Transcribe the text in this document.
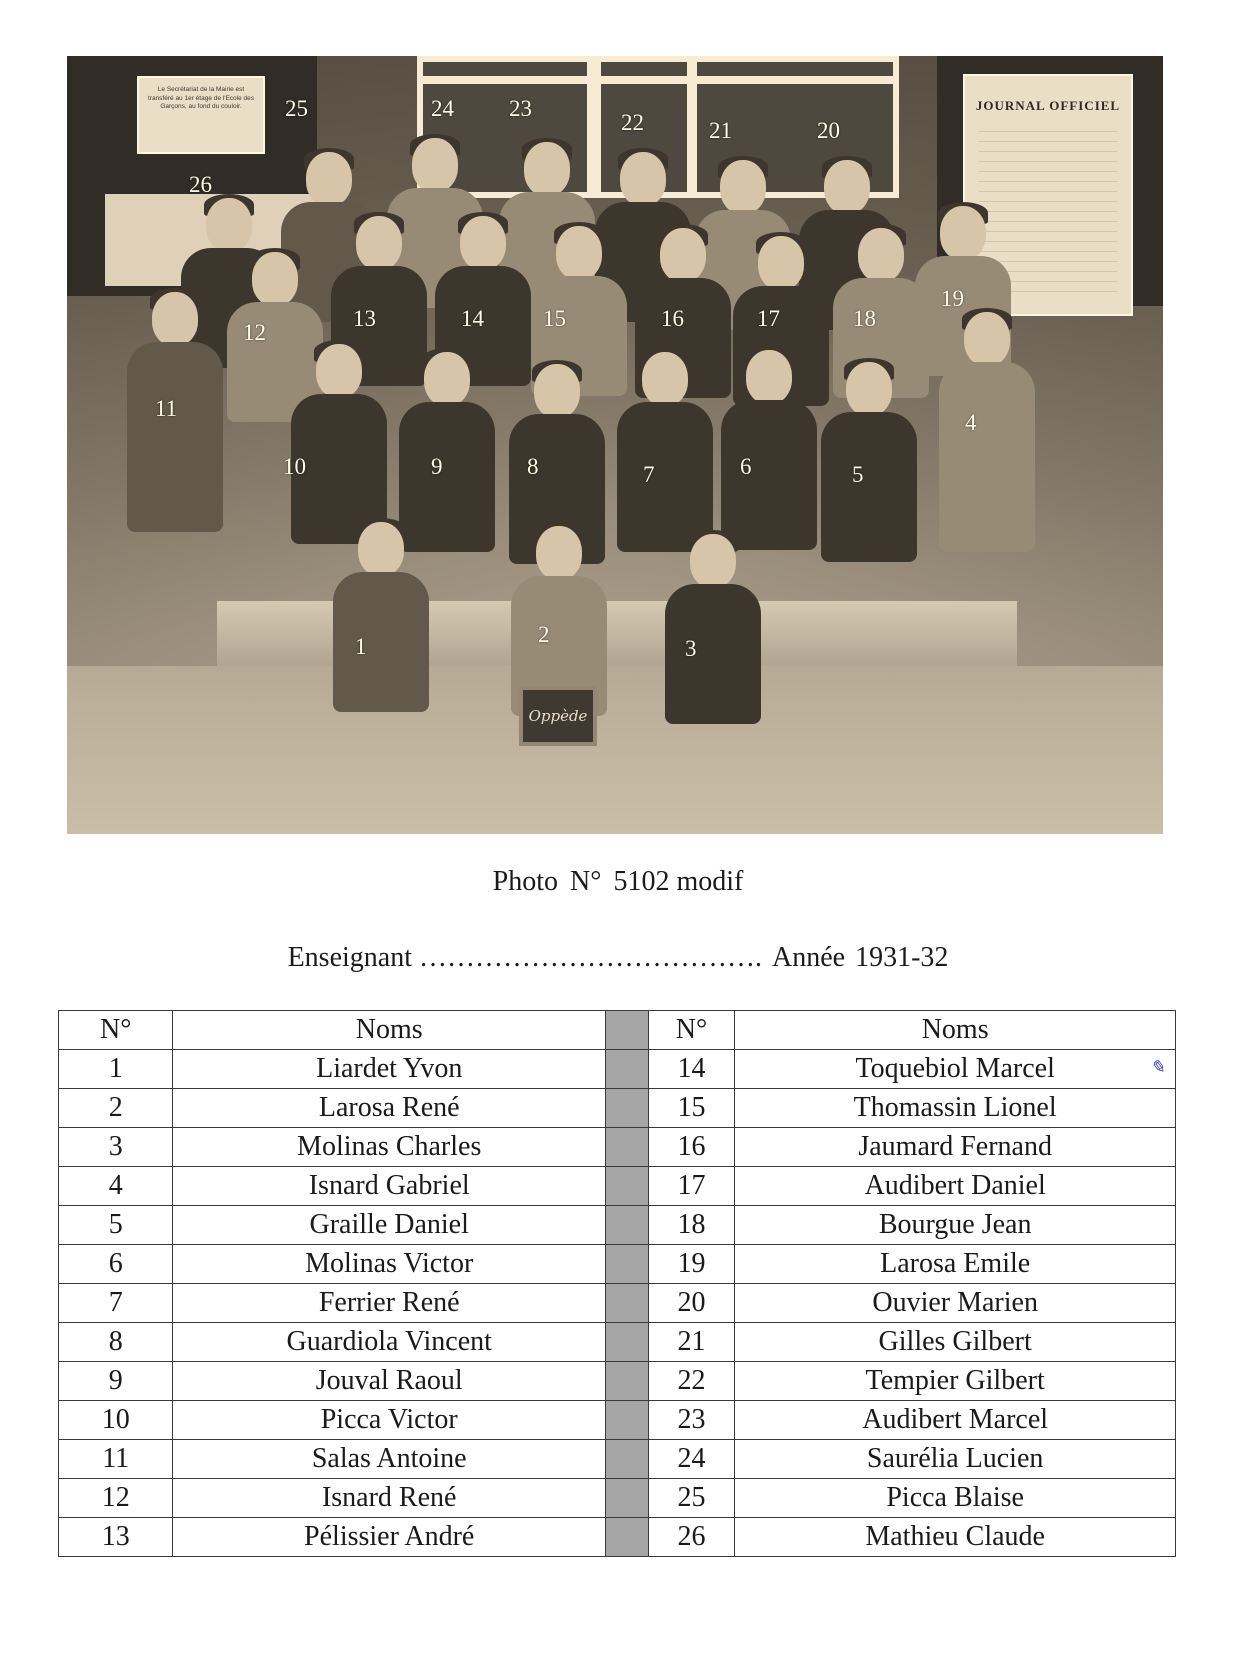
Le Secrétariat de la Mairie est transféré au 1er étage de l'Ecole des Garçons, au fond du couloir.	JOURNAL OFFICIEL
Oppède
1	2
3
4
5
6
7
8
9
10
11
12
13	14	15	16	17	18
19
20
21
22
23
24
25
26
Photo N° 5102 modif
Enseignant ………………………………. Année 1931-32
N°	Noms		N°	Noms
1	Liardet Yvon		14	Toquebiol Marcel ✎

2	Larosa René		15	Thomassin Lionel
3	Molinas Charles		16	Jaumard Fernand
4	Isnard Gabriel		17	Audibert Daniel
5	Graille Daniel		18	Bourgue Jean
6	Molinas Victor		19	Larosa Emile
7	Ferrier René		20	Ouvier Marien
8	Guardiola Vincent		21	Gilles Gilbert
9	Jouval Raoul		22	Tempier Gilbert
10	Picca Victor		23	Audibert Marcel
11	Salas Antoine		24	Saurélia Lucien
12	Isnard René		25	Picca Blaise
13	Pélissier André		26	Mathieu Claude
